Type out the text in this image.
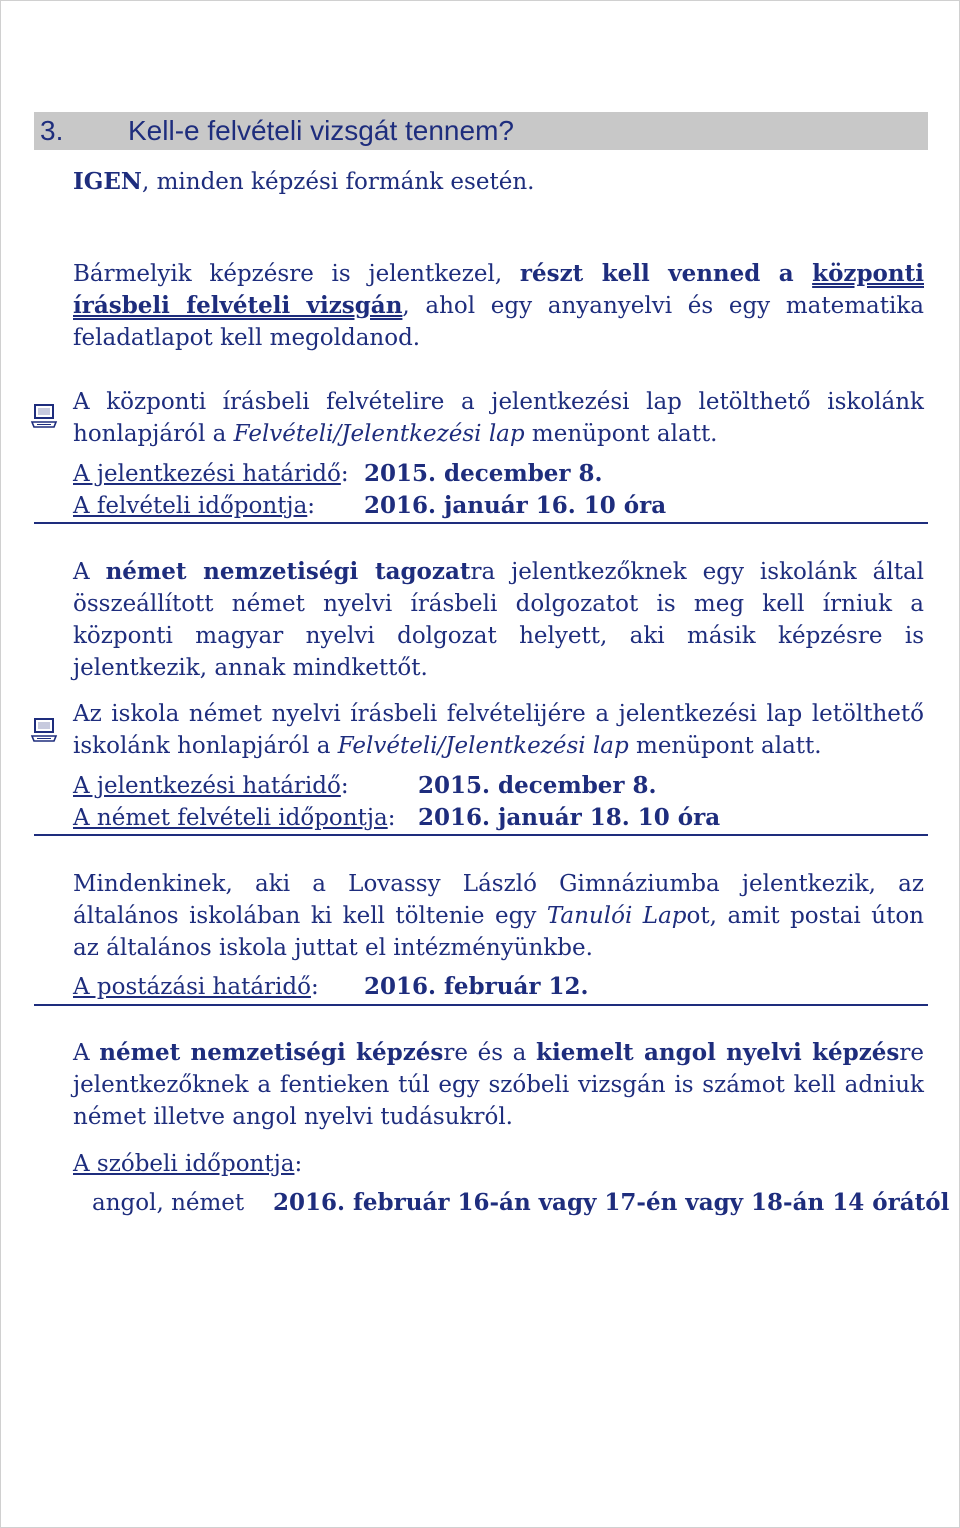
3. Kell-e felvételi vizsgát tennem?
IGEN, minden képzési formánk esetén.
Bármelyik képzésre is jelentkezel, részt kell venned a központi írásbeli felvételi vizsgán, ahol egy anyanyelvi és egy matematika feladatlapot kell megoldanod.
A központi írásbeli felvételire a jelentkezési lap letölthető iskolánk honlapjáról a Felvételi/Jelentkezési lap menüpont alatt.
A jelentkezési határidő: 2015. december 8.
A felvételi időpontja: 2016. január 16. 10 óra
A német nemzetiségi tagozatra jelentkezőknek egy iskolánk által összeállított német nyelvi írásbeli dolgozatot is meg kell írniuk a központi magyar nyelvi dolgozat helyett, aki másik képzésre is jelentkezik, annak mindkettőt.
Az iskola német nyelvi írásbeli felvételijére a jelentkezési lap letölthető iskolánk honlapjáról a Felvételi/Jelentkezési lap menüpont alatt.
A jelentkezési határidő:	2015. december 8.
A német felvételi időpontja: 2016. január 18. 10 óra
Mindenkinek, aki a Lovassy László Gimnáziumba jelentkezik, az általános iskolában ki kell töltenie egy Tanulói Lapot, amit postai úton az általános iskola juttat el intézményünkbe.
A postázási határidő: 2016. február 12.
A német nemzetiségi képzésre és a kiemelt angol nyelvi képzésre jelentkezőknek a fentieken túl egy szóbeli vizsgán is számot kell adniuk német illetve angol nyelvi tudásukról.
A szóbeli időpontja:
angol, német 2016. február 16-án vagy 17-én vagy 18-án 14 órától
